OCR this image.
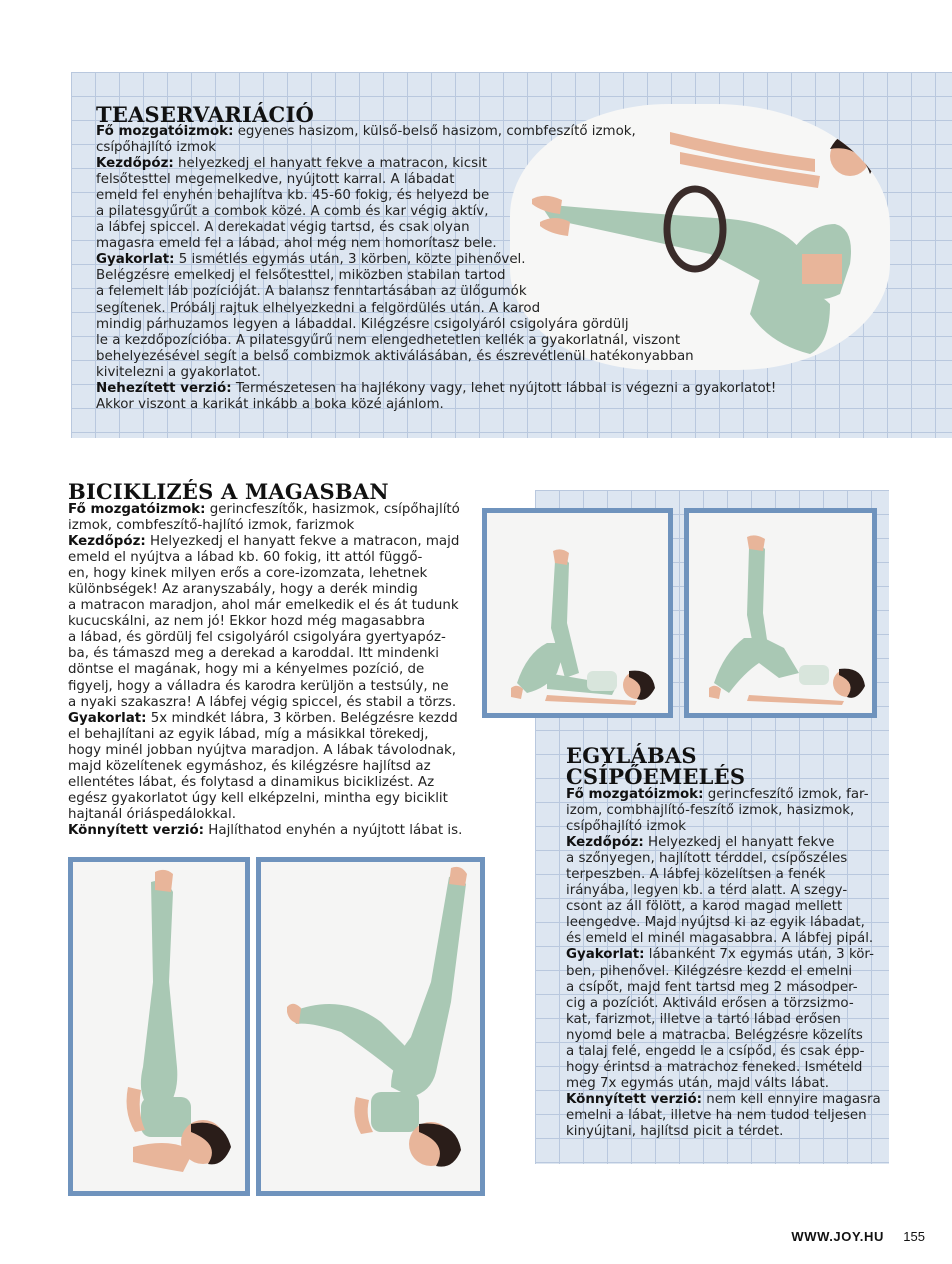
TEASERVARIÁCIÓ
Fő mozgatóizmok: egyenes hasizom, külső-belső hasizom, combfeszítő izmok,
csípőhajlító izmok
Kezdőpóz: helyezkedj el hanyatt fekve a matracon, kicsit
felsőtesttel megemelkedve, nyújtott karral. A lábadat
emeld fel enyhén behajlítva kb. 45-60 fokig, és helyezd be
a pilatesgyűrűt a combok közé. A comb és kar végig aktív,
a lábfej spiccel. A derekadat végig tartsd, és csak olyan
magasra emeld fel a lábad, ahol még nem homorítasz bele.
Gyakorlat: 5 ismétlés egymás után, 3 körben, közte pihenővel.
Belégzésre emelkedj el felsőtesttel, miközben stabilan tartod
a felemelt láb pozícióját. A balansz fenntartásában az ülőgumók
segítenek. Próbálj rajtuk elhelyezkedni a felgördülés után. A karod
mindig párhuzamos legyen a lábaddal. Kilégzésre csigolyáról csigolyára gördülj
le a kezdőpozícióba. A pilatesgyűrű nem elengedhetetlen kellék a gyakorlatnál, viszont
behelyezésével segít a belső combizmok aktiválásában, és észrevétlenül hatékonyabban
kivitelezni a gyakorlatot.
Nehezített verzió: Természetesen ha hajlékony vagy, lehet nyújtott lábbal is végezni a gyakorlatot!
Akkor viszont a karikát inkább a boka közé ajánlom.
BICIKLIZÉS A MAGASBAN
Fő mozgatóizmok: gerincfeszítők, hasizmok, csípőhajlító
izmok, combfeszítő-hajlító izmok, farizmok
Kezdőpóz: Helyezkedj el hanyatt fekve a matracon, majd
emeld el nyújtva a lábad kb. 60 fokig, itt attól függő-
en, hogy kinek milyen erős a core-izomzata, lehetnek
különbségek! Az aranyszabály, hogy a derék mindig
a matracon maradjon, ahol már emelkedik el és át tudunk
kucucskálni, az nem jó! Ekkor hozd még magasabbra
a lábad, és gördülj fel csigolyáról csigolyára gyertyapóz-
ba, és támaszd meg a derekad a karoddal. Itt mindenki
döntse el magának, hogy mi a kényelmes pozíció, de
figyelj, hogy a válladra és karodra kerüljön a testsúly, ne
a nyaki szakaszra! A lábfej végig spiccel, és stabil a törzs.
Gyakorlat: 5x mindkét lábra, 3 körben. Belégzésre kezdd
el behajlítani az egyik lábad, míg a másikkal törekedj,
hogy minél jobban nyújtva maradjon. A lábak távolodnak,
majd közelítenek egymáshoz, és kilégzésre hajlítsd az
ellentétes lábat, és folytasd a dinamikus biciklizést. Az
egész gyakorlatot úgy kell elképzelni, mintha egy biciklit
hajtanál óriáspedálokkal.
Könnyített verzió: Hajlíthatod enyhén a nyújtott lábat is.
EGYLÁBAS
CSÍPŐEMELÉS
Fő mozgatóizmok: gerincfeszítő izmok, far-
izom, combhajlító-feszítő izmok, hasizmok,
csípőhajlító izmok
Kezdőpóz: Helyezkedj el hanyatt fekve
a szőnyegen, hajlított térddel, csípőszéles
terpeszben. A lábfej közelítsen a fenék
irányába, legyen kb. a térd alatt. A szegy-
csont az áll fölött, a karod magad mellett
leengedve. Majd nyújtsd ki az egyik lábadat,
és emeld el minél magasabbra. A lábfej pipál.
Gyakorlat: lábanként 7x egymás után, 3 kör-
ben, pihenővel. Kilégzésre kezdd el emelni
a csípőt, majd fent tartsd meg 2 másodper-
cig a pozíciót. Aktiváld erősen a törzsizmo-
kat, farizmot, illetve a tartó lábad erősen
nyomd bele a matracba. Belégzésre közelíts
a talaj felé, engedd le a csípőd, és csak épp-
hogy érintsd a matrachoz feneked. Ismételd
meg 7x egymás után, majd válts lábat.
Könnyített verzió: nem kell ennyire magasra
emelni a lábat, illetve ha nem tudod teljesen
kinyújtani, hajlítsd picit a térdet.
WWW.JOY.HU 155
